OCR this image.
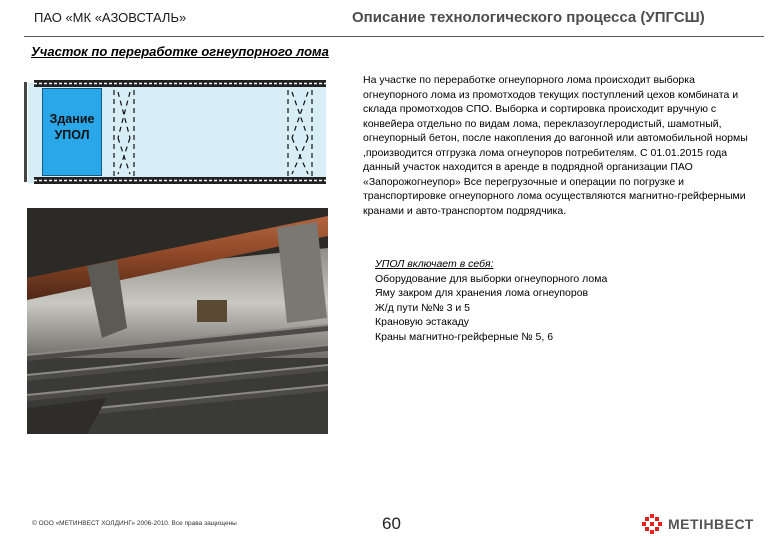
ПАО «МК «АЗОВСТАЛЬ»	Описание технологического процесса (УПГСШ)
Участок по переработке огнеупорного лома
Здание
УПОЛ

На участке по переработке огнеупорного лома происходит выборка огнеупорного лома из промотходов текущих поступлений цехов комбината и склада промотходов СПО. Выборка и сортировка происходит вручную с конвейера отдельно по видам лома, переклазоуглеродистый, шамотный, огнеупорный бетон, после накопления до вагонной или автомобильной нормы ,производится отгрузка лома огнеупоров потребителям. С 01.01.2015 года данный участок находится в аренде в подрядной организации ПАО «Запорожогнеупор» Все перегрузочные и операции по погрузке и транспортировке огнеупорного лома осуществляются магнитно-грейферными кранами и авто-транспортом подрядчика.

УПОЛ включает в себя:
Оборудование для выборки огнеупорного лома
Яму закром для хранения лома огнеупоров
Ж/д пути №№ 3 и 5
Крановую эстакаду
Краны магнитно-грейферные № 5, 6
© ООО «МЕТИНВЕСТ ХОЛДИНГ» 2006-2010. Все права защищены	60	МЕТІНВЕСТ
